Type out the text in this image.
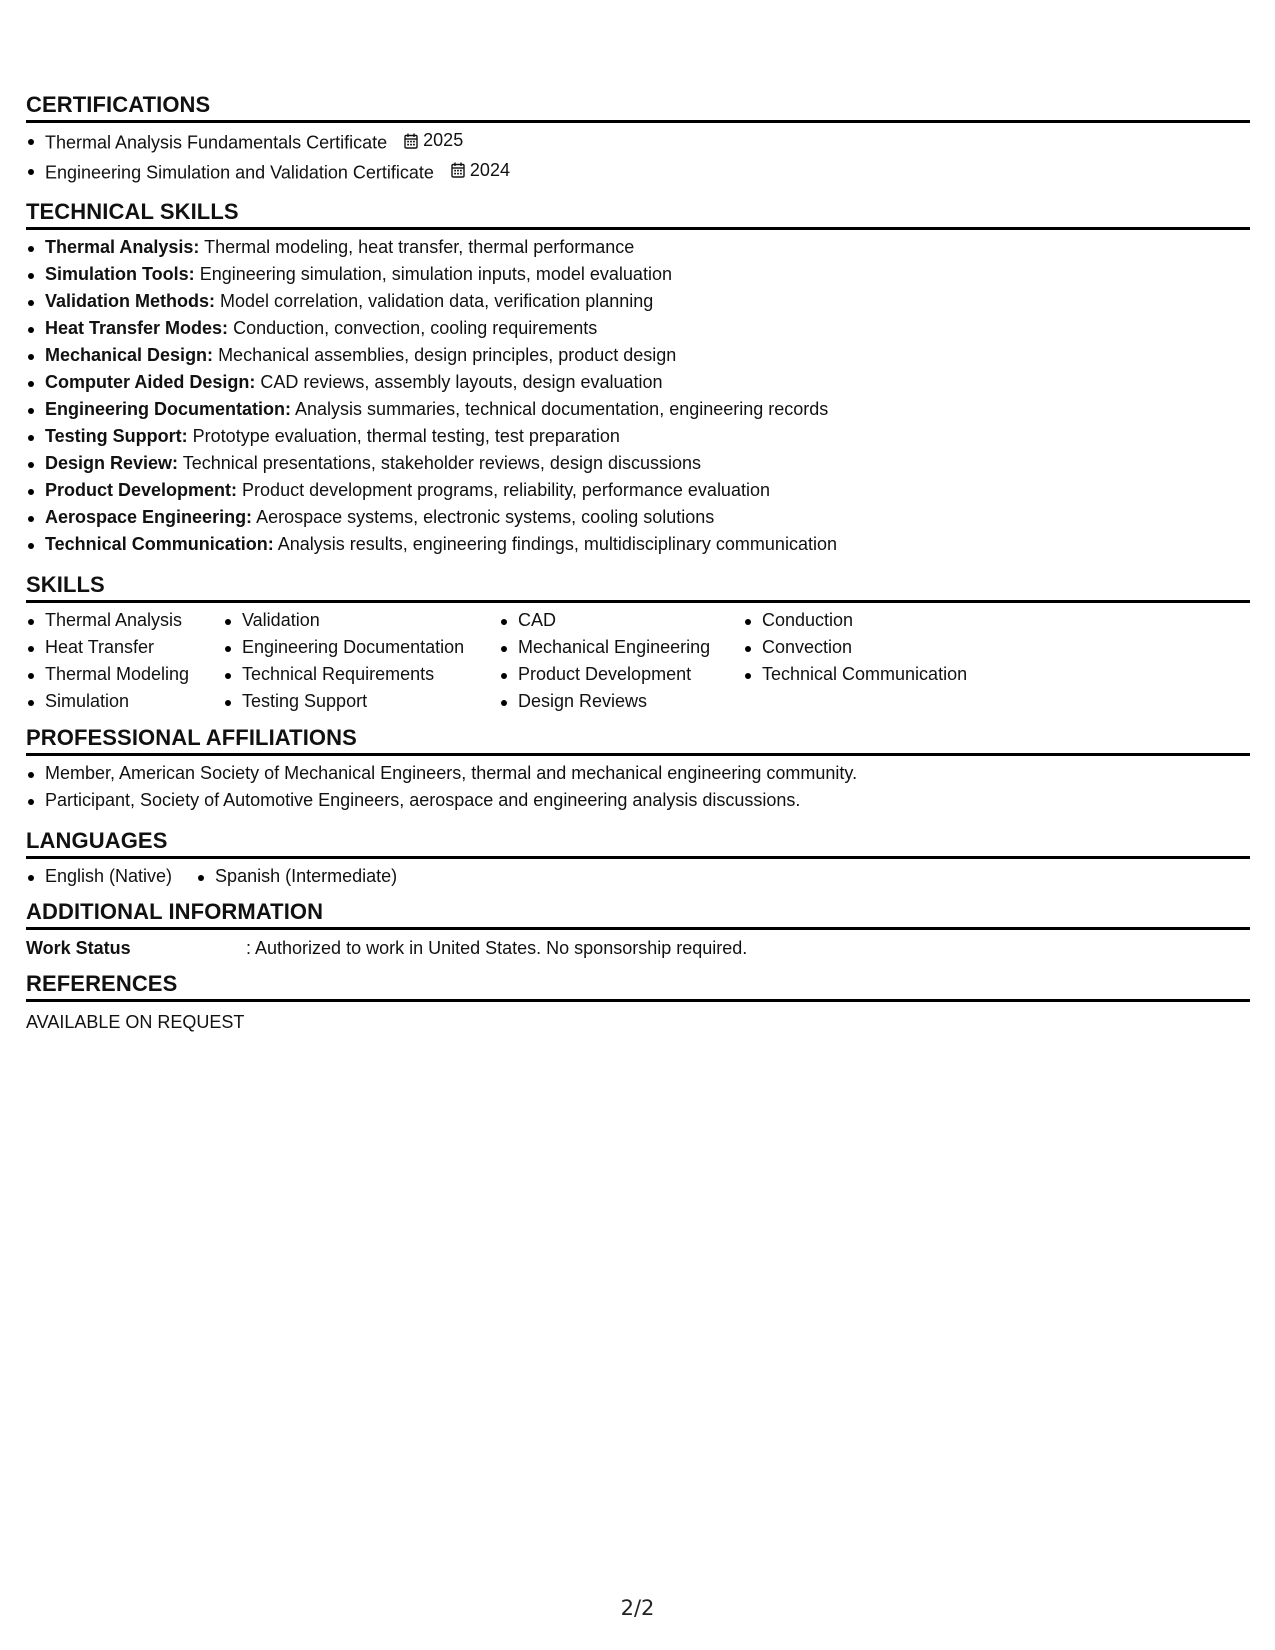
CERTIFICATIONS
Thermal Analysis Fundamentals Certificate 2025
Engineering Simulation and Validation Certificate 2024
TECHNICAL SKILLS
Thermal Analysis: Thermal modeling, heat transfer, thermal performance
Simulation Tools: Engineering simulation, simulation inputs, model evaluation
Validation Methods: Model correlation, validation data, verification planning
Heat Transfer Modes: Conduction, convection, cooling requirements
Mechanical Design: Mechanical assemblies, design principles, product design
Computer Aided Design: CAD reviews, assembly layouts, design evaluation
Engineering Documentation: Analysis summaries, technical documentation, engineering records
Testing Support: Prototype evaluation, thermal testing, test preparation
Design Review: Technical presentations, stakeholder reviews, design discussions
Product Development: Product development programs, reliability, performance evaluation
Aerospace Engineering: Aerospace systems, electronic systems, cooling solutions
Technical Communication: Analysis results, engineering findings, multidisciplinary communication
SKILLS
Thermal Analysis
Heat Transfer
Thermal Modeling
Simulation
Validation
Engineering Documentation
Technical Requirements
Testing Support
CAD
Mechanical Engineering
Product Development
Design Reviews
Conduction
Convection
Technical Communication
PROFESSIONAL AFFILIATIONS
Member, American Society of Mechanical Engineers, thermal and mechanical engineering community.
Participant, Society of Automotive Engineers, aerospace and engineering analysis discussions.
LANGUAGES
English (Native)	Spanish (Intermediate)
ADDITIONAL INFORMATION
Work Status	: Authorized to work in United States. No sponsorship required.
REFERENCES
AVAILABLE ON REQUEST
2/2
